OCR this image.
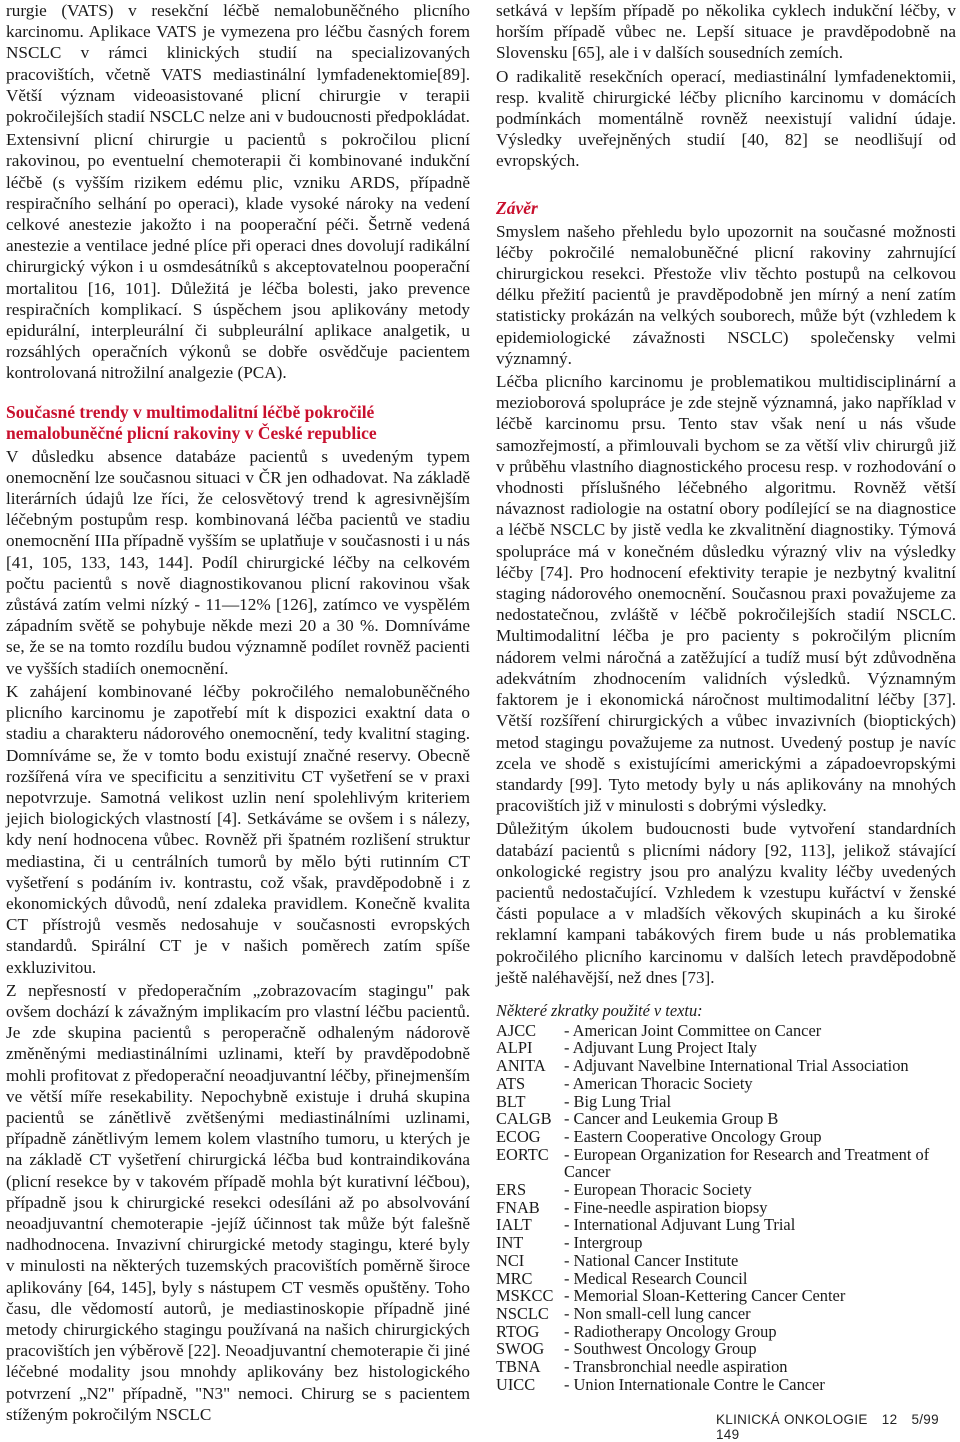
rurgie (VATS) v resekční léčbě nemalobuněčného plicního karcinomu. Aplikace VATS je vymezena pro léčbu časných forem NSCLC v rámci klinických studií na specializovaných pracovištích, včetně VATS mediastinální lymfadenektomie[89]. Větší význam videoasistované plicní chirurgie v terapii pokročilejších stadií NSCLC nelze ani v budoucnosti předpokládat.

Extensivní plicní chirurgie u pacientů s pokročilou plicní rakovinou, po eventuelní chemoterapii či kombinované indukční léčbě (s vyšším rizikem edému plic, vzniku ARDS, případně respiračního selhání po operaci), klade vysoké nároky na vedení celkové anestezie jakožto i na pooperační péči. Šetrně vedená anestezie a ventilace jedné plíce při operaci dnes dovolují radikální chirurgický výkon i u osmdesátníků s akceptovatelnou pooperační mortalitou [16, 101]. Důležitá je léčba bolesti, jako prevence respiračních komplikací. S úspěchem jsou aplikovány metody epidurální, interpleurální či subpleurální aplikace analgetik, u rozsáhlých operačních výkonů se dobře osvědčuje pacientem kontrolovaná nitrožilní analgezie (PCA).

Současné trendy v multimodalitní léčbě pokročilé nemalobuněčné plicní rakoviny v České republice

V důsledku absence databáze pacientů s uvedeným typem onemocnění lze současnou situaci v ČR jen odhadovat. Na základě literárních údajů lze říci, že celosvětový trend k agresivnějším léčebným postupům resp. kombinovaná léčba pacientů ve stadiu onemocnění IIIa případně vyšším se uplatňuje v současnosti i u nás [41, 105, 133, 143, 144]. Podíl chirurgické léčby na celkovém počtu pacientů s nově diagnostikovanou plicní rakovinou však zůstává zatím velmi nízký - 11—12% [126], zatímco ve vyspělém západním světě se pohybuje někde mezi 20 a 30 %. Domníváme se, že se na tomto rozdílu budou významně podílet rovněž pacienti ve vyšších stadiích onemocnění.

K zahájení kombinované léčby pokročilého nemalobuněčného plicního karcinomu je zapotřebí mít k dispozici exaktní data o stadiu a charakteru nádorového onemocnění, tedy kvalitní staging. Domníváme se, že v tomto bodu existují značné reservy. Obecně rozšířená víra ve specificitu a senzitivitu CT vyšetření se v praxi nepotvrzuje. Samotná velikost uzlin není spolehlivým kriteriem jejich biologických vlastností [4]. Setkáváme se ovšem i s nálezy, kdy není hodnocena vůbec. Rovněž při špatném rozlišení struktur mediastina, či u centrálních tumorů by mělo býti rutinním CT vyšetření s podáním iv. kontrastu, což však, pravděpodobně i z ekonomických důvodů, není zdaleka pravidlem. Konečně kvalita CT přístrojů vesměs nedosahuje v současnosti evropských standardů. Spirální CT je v našich poměrech zatím spíše exkluzivitou.

Z nepřesností v předoperačním „zobrazovacím stagingu" pak ovšem dochází k závažným implikacím pro vlastní léčbu pacientů. Je zde skupina pacientů s peroperačně odhaleným nádorově změněnými mediastinálními uzlinami, kteří by pravděpodobně mohli profitovat z předoperační neoadjuvantní léčby, přinejmenším ve větší míře resekability. Nepochybně existuje i druhá skupina pacientů se zánětlivě zvětšenými mediastinálními uzlinami, případně zánětlivým lemem kolem vlastního tumoru, u kterých je na základě CT vyšetření chirurgická léčba bud kontraindikována (plicní resekce by v takovém případě mohla být kurativní léčbou), případně jsou k chirurgické resekci odesíláni až po absolvování neoadjuvantní chemoterapie -jejíž účinnost tak může být falešně nadhodnocena. Invazivní chirurgické metody stagingu, které byly v minulosti na některých tuzemských pracovištích poměrně široce aplikovány [64, 145], byly s nástupem CT vesměs opuštěny. Toho času, dle vědomostí autorů, je mediastinoskopie případně jiné metody chirurgického stagingu používaná na našich chirurgických pracovištích jen výběrově [22]. Neoadjuvantní chemoterapie či jiné léčebné modality jsou mnohdy aplikovány bez histologického potvrzení „N2" případně, "N3" nemoci. Chirurg se s pacientem stíženým pokročilým NSCLC

setkává v lepším případě po několika cyklech indukční léčby, v horším případě vůbec ne. Lepší situace je pravděpodobně na Slovensku [65], ale i v dalších sousedních zemích.

O radikalitě resekčních operací, mediastinální lymfadenektomii, resp. kvalitě chirurgické léčby plicního karcinomu v domácích podmínkách momentálně rovněž neexistují validní údaje. Výsledky uveřejněných studií [40, 82] se neodlišují od evropských.

Závěr

Smyslem našeho přehledu bylo upozornit na současné možnosti léčby pokročilé nemalobuněčné plicní rakoviny zahrnující chirurgickou resekci. Přestože vliv těchto postupů na celkovou délku přežití pacientů je pravděpodobně jen mírný a není zatím statisticky prokázán na velkých souborech, může být (vzhledem k epidemiologické závažnosti NSCLC) společensky velmi významný.

Léčba plicního karcinomu je problematikou multidisciplinární a mezioborová spolupráce je zde stejně významná, jako například v léčbě karcinomu prsu. Tento stav však není u nás všude samozřejmostí, a přimlouvali bychom se za větší vliv chirurgů již v průběhu vlastního diagnostického procesu resp. v rozhodování o vhodnosti příslušného léčebného algoritmu. Rovněž větší návaznost radiologie na ostatní obory podílející se na diagnostice a léčbě NSCLC by jistě vedla ke zkvalitnění diagnostiky. Týmová spolupráce má v konečném důsledku výrazný vliv na výsledky léčby [74]. Pro hodnocení efektivity terapie je nezbytný kvalitní staging nádorového onemocnění. Současnou praxi považujeme za nedostatečnou, zvláště v léčbě pokročilejších stadií NSCLC. Multimodalitní léčba je pro pacienty s pokročilým plicním nádorem velmi náročná a zatěžující a tudíž musí být zdůvodněna adekvátním zhodnocením validních výsledků. Významným faktorem je i ekonomická náročnost multimodalitní léčby [37]. Větší rozšíření chirurgických a vůbec invazivních (bioptických) metod stagingu považujeme za nutnost. Uvedený postup je navíc zcela ve shodě s existujícími americkými a západoevropskými standardy [99]. Tyto metody byly u nás aplikovány na mnohých pracovištích již v minulosti s dobrými výsledky.

Důležitým úkolem budoucnosti bude vytvoření standardních databází pacientů s plicními nádory [92, 113], jelikož stávající onkologické registry jsou pro analýzu kvality léčby uvedených pacientů nedostačující. Vzhledem k vzestupu kuřáctví v ženské části populace a v mladších věkových skupinách a ku široké reklamní kampani tabákových firem bude u nás problematika pokročilého plicního karcinomu v dalších letech pravděpodobně ještě naléhavější, než dnes [73].

Některé zkratky použité v textu:
AJCC	- American Joint Committee on Cancer
ALPI	- Adjuvant Lung Project Italy
ANITA	- Adjuvant Navelbine International Trial Association
ATS	- American Thoracic Society
BLT	- Big Lung Trial
CALGB - Cancer and Leukemia Group B
ECOG	- Eastern Cooperative Oncology Group
EORTC - European Organization for Research and Treatment of Cancer
ERS	- European Thoracic Society
FNAB	- Fine-needle aspiration biopsy
IALT	- International Adjuvant Lung Trial
INT	- Intergroup
NCI	- National Cancer Institute
MRC	- Medical Research Council
MSKCC - Memorial Sloan-Kettering Cancer Center
NSCLC - Non small-cell lung cancer
RTOG	- Radiotherapy Oncology Group
SWOG	- Southwest Oncology Group
TBNA	- Transbronchial needle aspiration
UICC	- Union Internationale Contre le Cancer
KLINICKÁ ONKOLOGIE 12 5/99 149
